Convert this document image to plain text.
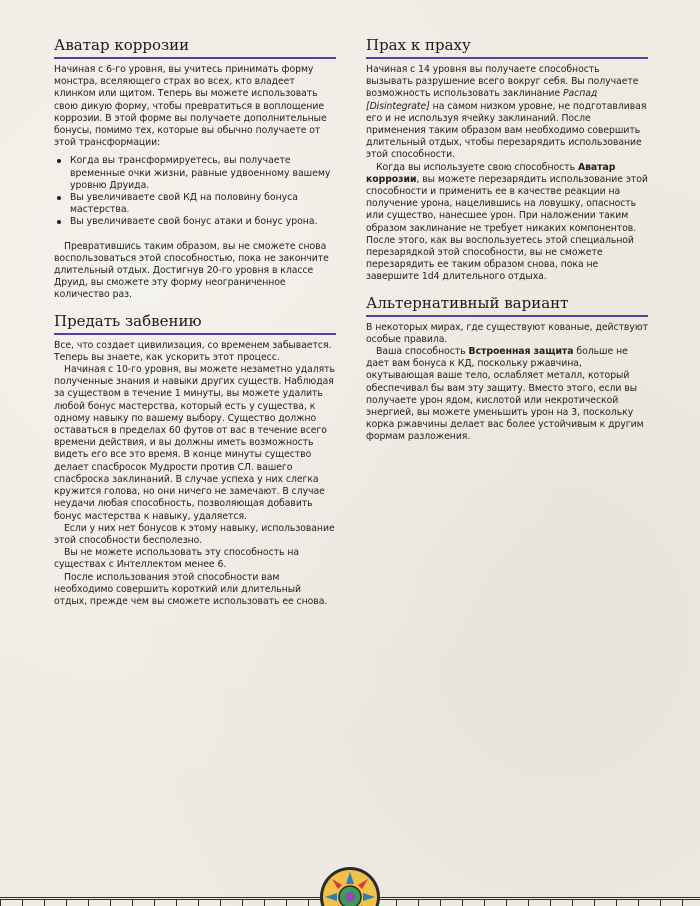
Аватар коррозии

Начиная с 6-го уровня, вы учитесь принимать форму монстра, вселяющего страх во всех, кто владеет клинком или щитом. Теперь вы можете использовать свою дикую форму, чтобы превратиться в воплощение коррозии. В этой форме вы получаете дополнительные бонусы, помимо тех, которые вы обычно получаете от этой трансформации:

Когда вы трансформируетесь, вы получаете временные очки жизни, равные удвоенному вашему уровню Друида.
Вы увеличиваете свой КД на половину бонуса мастерства.
Вы увеличиваете свой бонус атаки и бонус урона.

Превратившись таким образом, вы не сможете снова воспользоваться этой способностью, пока не закончите длительный отдых. Достигнув 20-го уровня в классе Друид, вы сможете эту форму неограниченное количество раз.

Предать забвению

Все, что создает цивилизация, со временем забывается. Теперь вы знаете, как ускорить этот процесс.

Начиная с 10-го уровня, вы можете незаметно удалять полученные знания и навыки других существ. Наблюдая за существом в течение 1 минуты, вы можете удалить любой бонус мастерства, который есть у существа, к одному навыку по вашему выбору. Существо должно оставаться в пределах 60 футов от вас в течение всего времени действия, и вы должны иметь возможность видеть его все это время. В конце минуты существо делает спасбросок Мудрости против СЛ. вашего спасброска заклинаний. В случае успеха у них слегка кружится голова, но они ничего не замечают. В случае неудачи любая способность, позволяющая добавить бонус мастерства к навыку, удаляется.

Если у них нет бонусов к этому навыку, использование этой способности бесполезно.

Вы не можете использовать эту способность на существах с Интеллектом менее 6.

После использования этой способности вам необходимо совершить короткий или длительный отдых, прежде чем вы сможете использовать ее снова.

Прах к праху

Начиная с 14 уровня вы получаете способность вызывать разрушение всего вокруг себя. Вы получаете возможность использовать заклинание Распад [Disintegrate] на самом низком уровне, не подготавливая его и не используя ячейку заклинаний. После применения таким образом вам необходимо совершить длительный отдых, чтобы перезарядить использование этой способности.

Когда вы используете свою способность Аватар коррозии, вы можете перезарядить использование этой способности и применить ее в качестве реакции на получение урона, нацелившись на ловушку, опасность или существо, нанесшее урон. При наложении таким образом заклинание не требует никаких компонентов. После этого, как вы воспользуетесь этой специальной перезарядкой этой способности, вы не сможете перезарядить ее таким образом снова, пока не завершите 1d4 длительного отдыха.

Альтернативный вариант

В некоторых мирах, где существуют кованые, действуют особые правила.

Ваша способность Встроенная защита больше не дает вам бонуса к КД, поскольку ржавчина, окутывающая ваше тело, ослабляет металл, который обеспечивал бы вам эту защиту. Вместо этого, если вы получаете урон ядом, кислотой или некротической энергией, вы можете уменьшить урон на 3, поскольку корка ржавчины делает вас более устойчивым к другим формам разложения.
